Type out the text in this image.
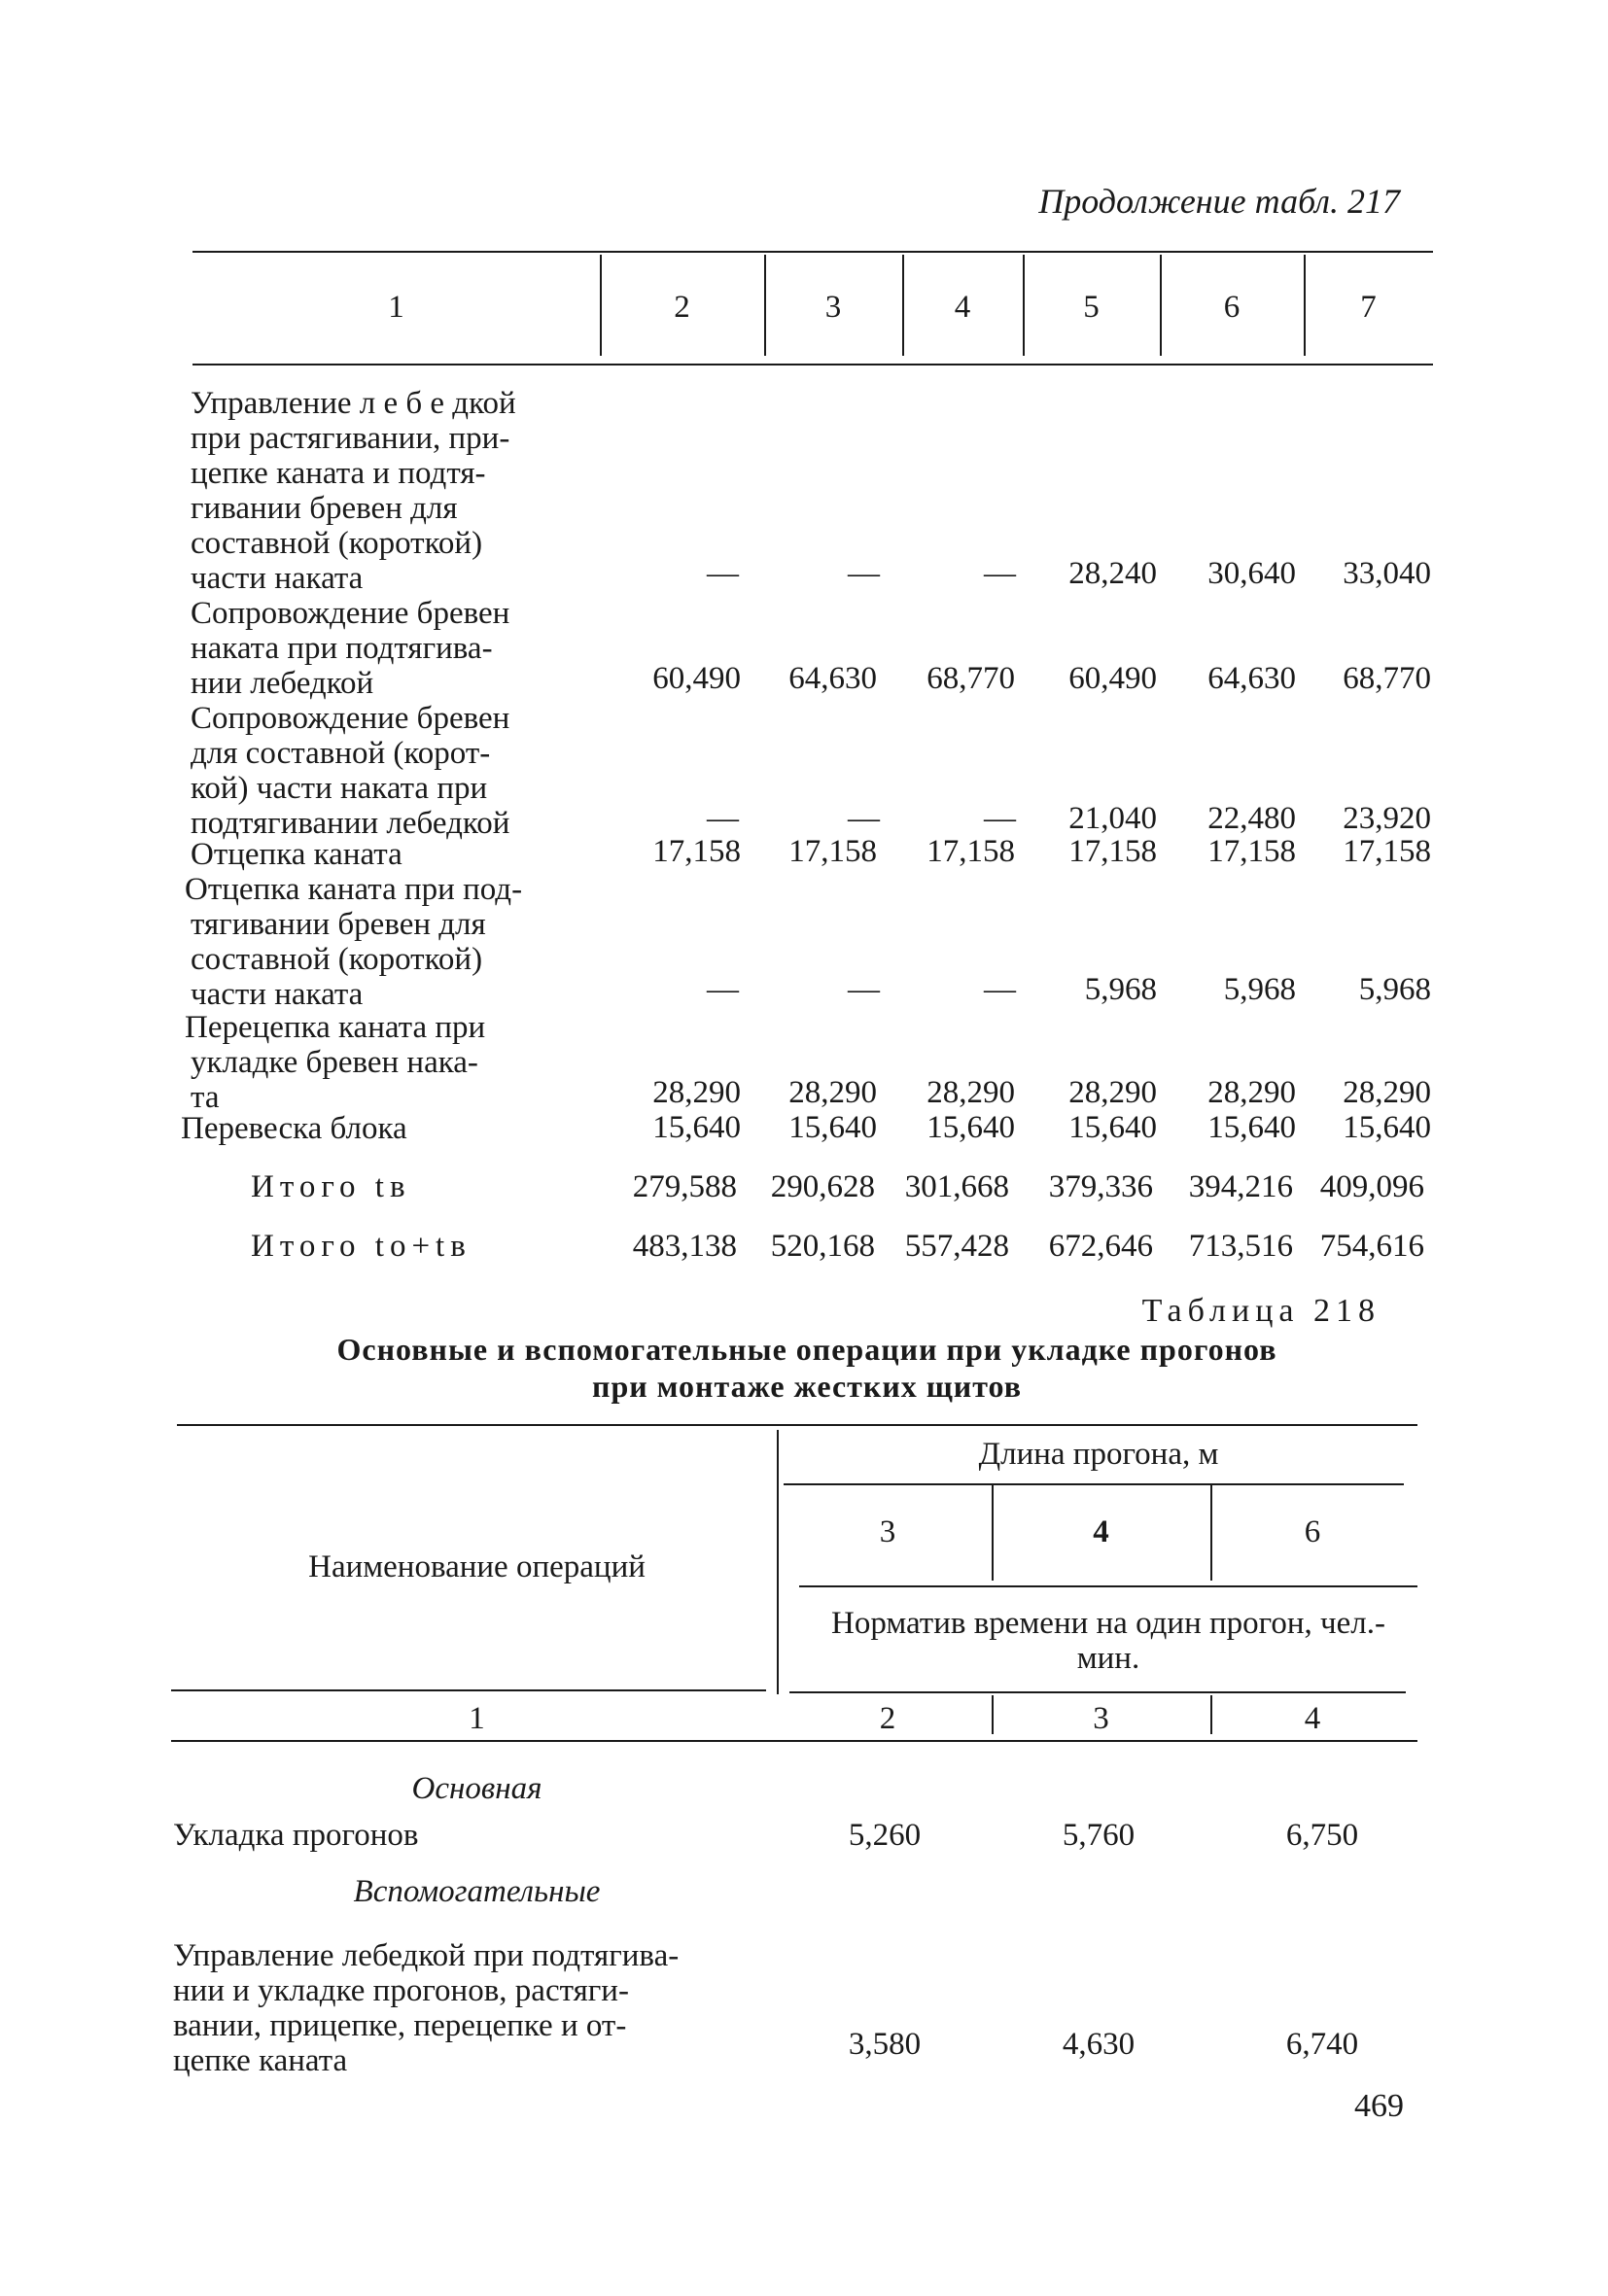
Продолжение табл. 217
1	2	3	4	5	6	7
Управление л е б е дкой
при растягивании, при-
цепке каната и подтя-
гивании бревен для
составной (короткой)
части наката	—	—	—	28,240	30,640	33,040
Сопровождение бревен
наката при подтягива-
нии лебедкой	60,490	64,630	68,770	60,490	64,630	68,770
Сопровождение бревен
для составной (корот-
кой) части наката при
подтягивании лебедкой	—	—	—	21,040	22,480	23,920
Отцепка каната	17,158	17,158	17,158	17,158	17,158	17,158
Отцепка каната при под-
тягивании бревен для
составной (короткой)
части наката	—	—	—	5,968	5,968	5,968
Перецепка каната при
укладке бревен нака-
та	28,290	28,290	28,290	28,290	28,290	28,290
Перевеска блока	15,640	15,640	15,640	15,640	15,640	15,640
Итого tв	279,588	290,628 301,668	379,336	394,216 409,096
Итого tо+tв	483,138	520,168 557,428	672,646	713,516 754,616
Таблица 218
Основные и вспомогательные операции при укладке прогонов
при монтаже жестких щитов
Длина прогона, м
3	4	6
Наименование операций
Норматив времени на один прогон, чел.-мин.
1	2	3	4
Основная
Укладка прогонов	5,260	5,760	6,750
Вспомогательные
Управление лебедкой при подтягива-
нии и укладке прогонов, растяги-
вании, прицепке, перецепке и от-
цепке каната	3,580	4,630	6,740
469
